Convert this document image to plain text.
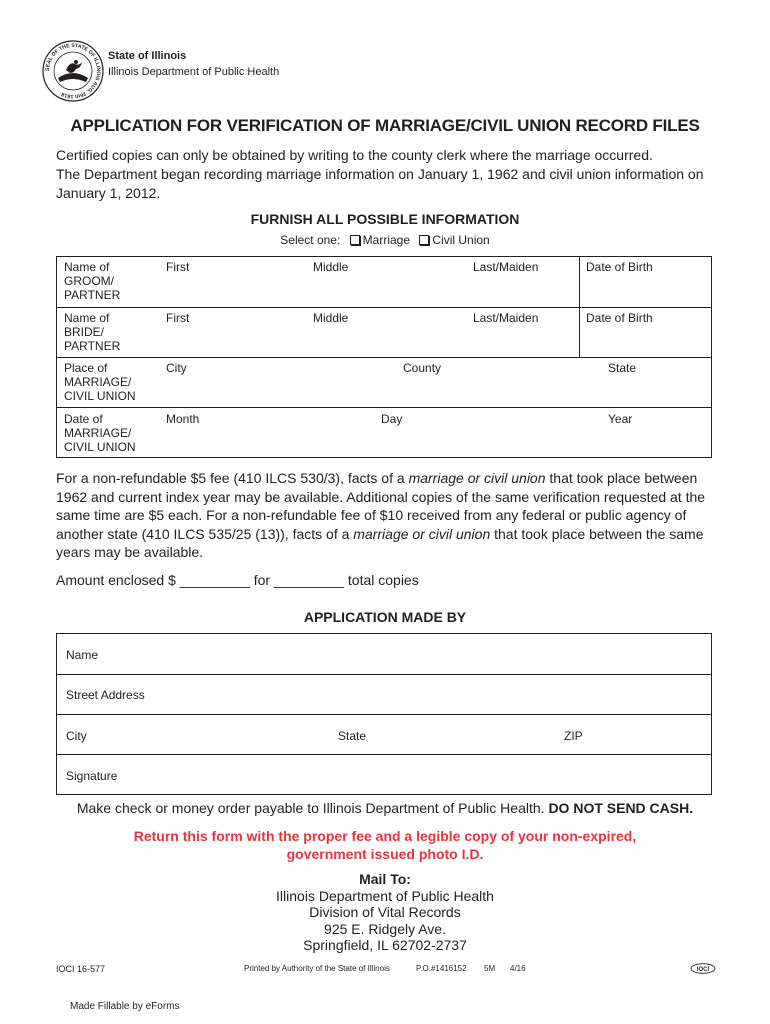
SEAL OF THE STATE OF ILLINOIS AUG. 26th 1818
State of Illinois
Illinois Department of Public Health
APPLICATION FOR VERIFICATION OF MARRIAGE/CIVIL UNION RECORD FILES

Certified copies can only be obtained by writing to the county clerk where the marriage occurred.

The Department began recording marriage information on January 1, 1962 and civil union information on January 1, 2012.

FURNISH ALL POSSIBLE INFORMATION
Select one: Marriage Civil Union
Name of
GROOM/
PARTNER
First	Middle	Last/Maiden	Date of Birth
Name of
BRIDE/
PARTNER
First	Middle	Last/Maiden	Date of Birth
Place of
MARRIAGE/
CIVIL UNION
City	County	State
Date of
MARRIAGE/
CIVIL UNION
Month	Day	Year
For a non-refundable $5 fee (410 ILCS 530/3), facts of a marriage or civil union that took place between 1962 and current index year may be available. Additional copies of the same verification requested at the same time are $5 each. For a non-refundable fee of $10 received from any federal or public agency of another state (410 ILCS 535/25 (13)), facts of a marriage or civil union that took place between the same years may be available.
Amount enclosed $ _________ for _________ total copies
APPLICATION MADE BY
Name
Street Address
City	State	ZIP
Signature
Make check or money order payable to Illinois Department of Public Health. DO NOT SEND CASH.
Return this form with the proper fee and a legible copy of your non-expired,
government issued photo I.D.
Mail To:
Illinois Department of Public Health
Division of Vital Records
925 E. Ridgely Ave.
Springfield, IL 62702-2737
IOCI 16-577	Printed by Authority of the State of Illinois	P.O.#1416152 5M 4/16	IOCI
Made Fillable by eForms
